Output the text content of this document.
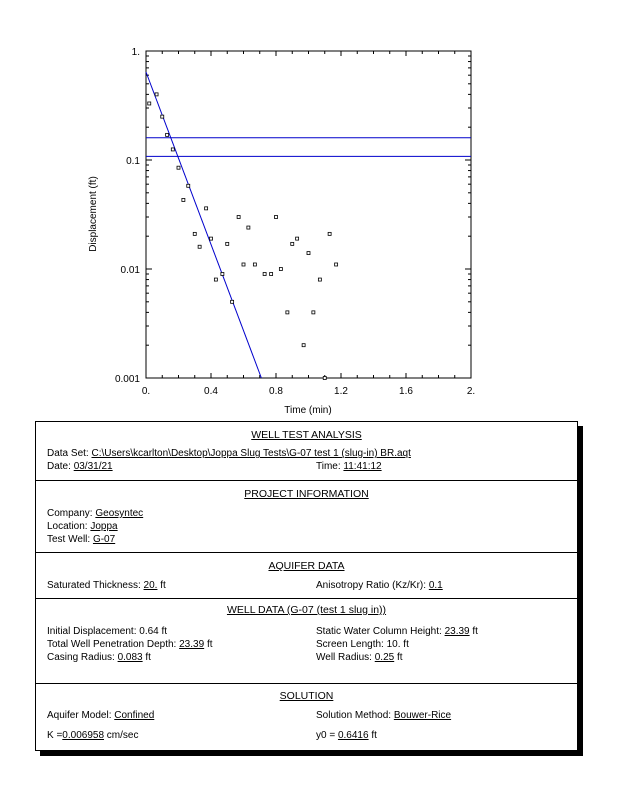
0.	0.4	0.8	1.2	1.6	2.
0.001
0.01
0.1
1.
Time (min)
Displacement (ft)
WELL TEST ANALYSIS
Data Set: C:\Users\kcarlton\Desktop\Joppa Slug Tests\G-07 test 1 (slug-in) BR.aqt
Date: 03/31/21	Time: 11:41:12
PROJECT INFORMATION
Company: Geosyntec
Location: Joppa
Test Well: G-07
AQUIFER DATA
Saturated Thickness: 20. ft	Anisotropy Ratio (Kz/Kr): 0.1
WELL DATA (G-07 (test 1 slug in))
Initial Displacement: 0.64 ft	Static Water Column Height: 23.39 ft
Total Well Penetration Depth: 23.39 ft	Screen Length: 10. ft
Casing Radius: 0.083 ft	Well Radius: 0.25 ft
SOLUTION
Aquifer Model: Confined	Solution Method: Bouwer-Rice
K =0.006958 cm/sec	y0 = 0.6416 ft
